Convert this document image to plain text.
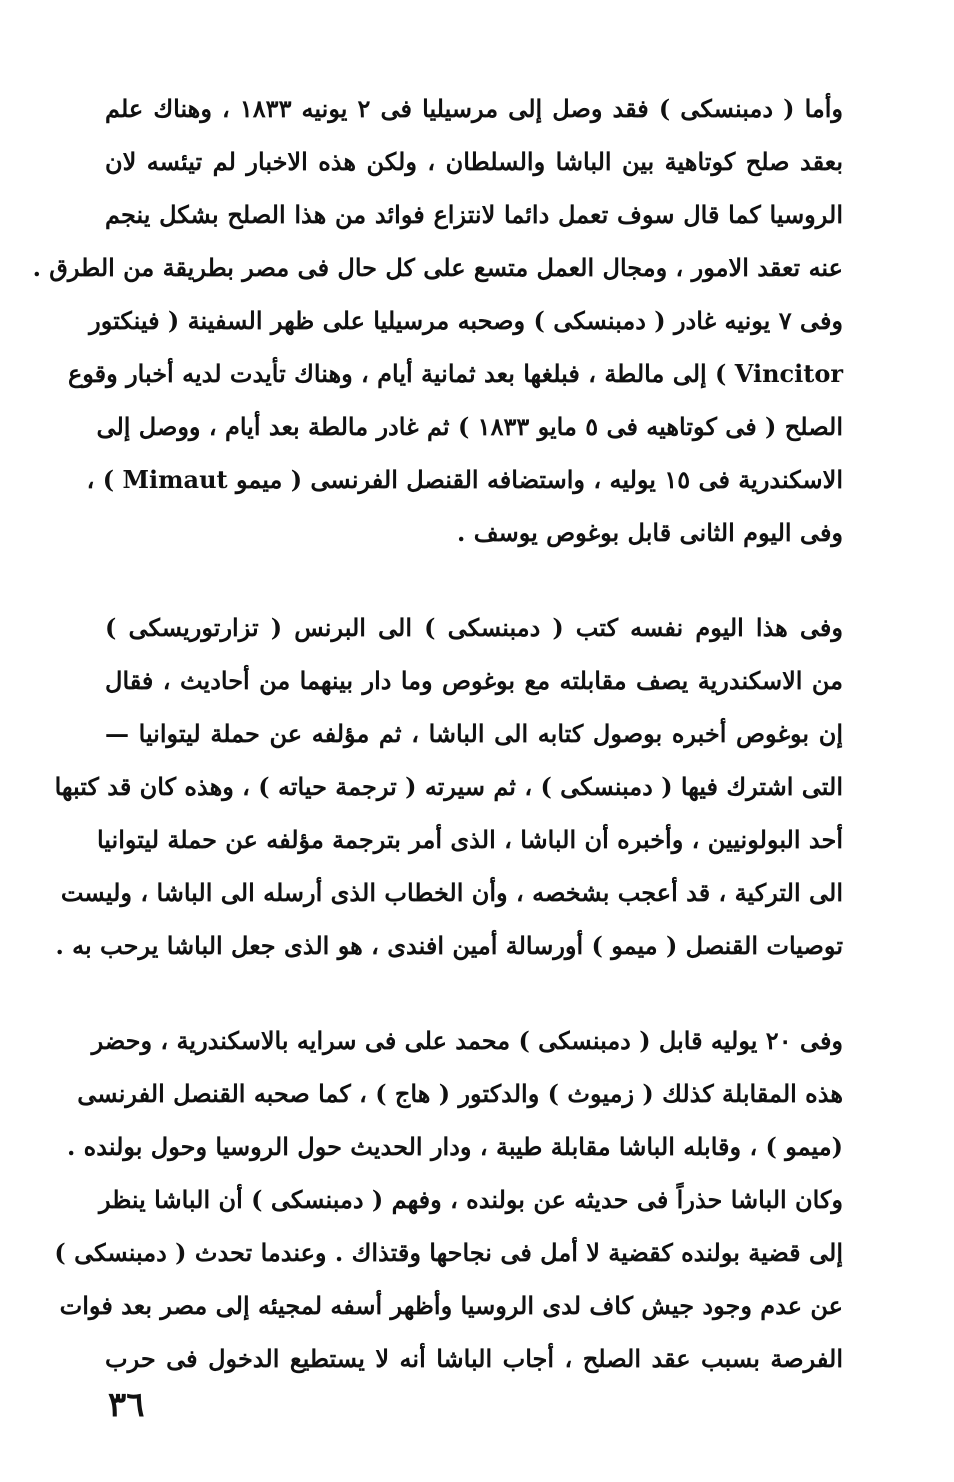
وأما ( دمبنسكى ) فقد وصل إلى مرسيليا فى ٢ يونيه ١٨٣٣ ، وهناك علم
بعقد صلح كوتاهية بين الباشا والسلطان ، ولكن هذه الاخبار لم تيئسه لان
الروسيا كما قال سوف تعمل دائما لانتزاع فوائد من هذا الصلح بشكل ينجم
عنه تعقد الامور ، ومجال العمل متسع على كل حال فى مصر بطريقة من الطرق .
وفى ٧ يونيه غادر ( دمبنسكى ) وصحبه مرسيليا على ظهر السفينة ( فينكتور
Vincitor ) إلى مالطة ، فبلغها بعد ثمانية أيام ، وهناك تأيدت لديه أخبار وقوع
الصلح ( فى كوتاهيه فى ٥ مايو ١٨٣٣ ) ثم غادر مالطة بعد أيام ، ووصل إلى
الاسكندرية فى ١٥ يوليه ، واستضافه القنصل الفرنسى ( ميمو Mimaut ) ،
وفى اليوم الثانى قابل بوغوص يوسف .
وفى هذا اليوم نفسه كتب ( دمبنسكى ) الى البرنس ( تزارتوريسكى )
من الاسكندرية يصف مقابلته مع بوغوص وما دار بينهما من أحاديث ، فقال
إن بوغوص أخبره بوصول كتابه الى الباشا ، ثم مؤلفه عن حملة ليتوانيا —
التى اشترك فيها ( دمبنسكى ) ، ثم سيرته ( ترجمة حياته ) ، وهذه كان قد كتبها
أحد البولونيين ، وأخبره أن الباشا ، الذى أمر بترجمة مؤلفه عن حملة ليتوانيا
الى التركية ، قد أعجب بشخصه ، وأن الخطاب الذى أرسله الى الباشا ، وليست
توصيات القنصل ( ميمو ) أورسالة أمين افندى ، هو الذى جعل الباشا يرحب به .
وفى ٢٠ يوليه قابل ( دمبنسكى ) محمد على فى سرايه بالاسكندرية ، وحضر
هذه المقابلة كذلك ( زميوث ) والدكتور ( هاج ) ، كما صحبه القنصل الفرنسى
(ميمو ) ، وقابله الباشا مقابلة طيبة ، ودار الحديث حول الروسيا وحول بولنده .
وكان الباشا حذراً فى حديثه عن بولنده ، وفهم ( دمبنسكى ) أن الباشا ينظر
إلى قضية بولنده كقضية لا أمل فى نجاحها وقتذاك . وعندما تحدث ( دمبنسكى )
عن عدم وجود جيش كاف لدى الروسيا وأظهر أسفه لمجيئه إلى مصر بعد فوات
الفرصة بسبب عقد الصلح ، أجاب الباشا أنه لا يستطيع الدخول فى حرب
٣٦
